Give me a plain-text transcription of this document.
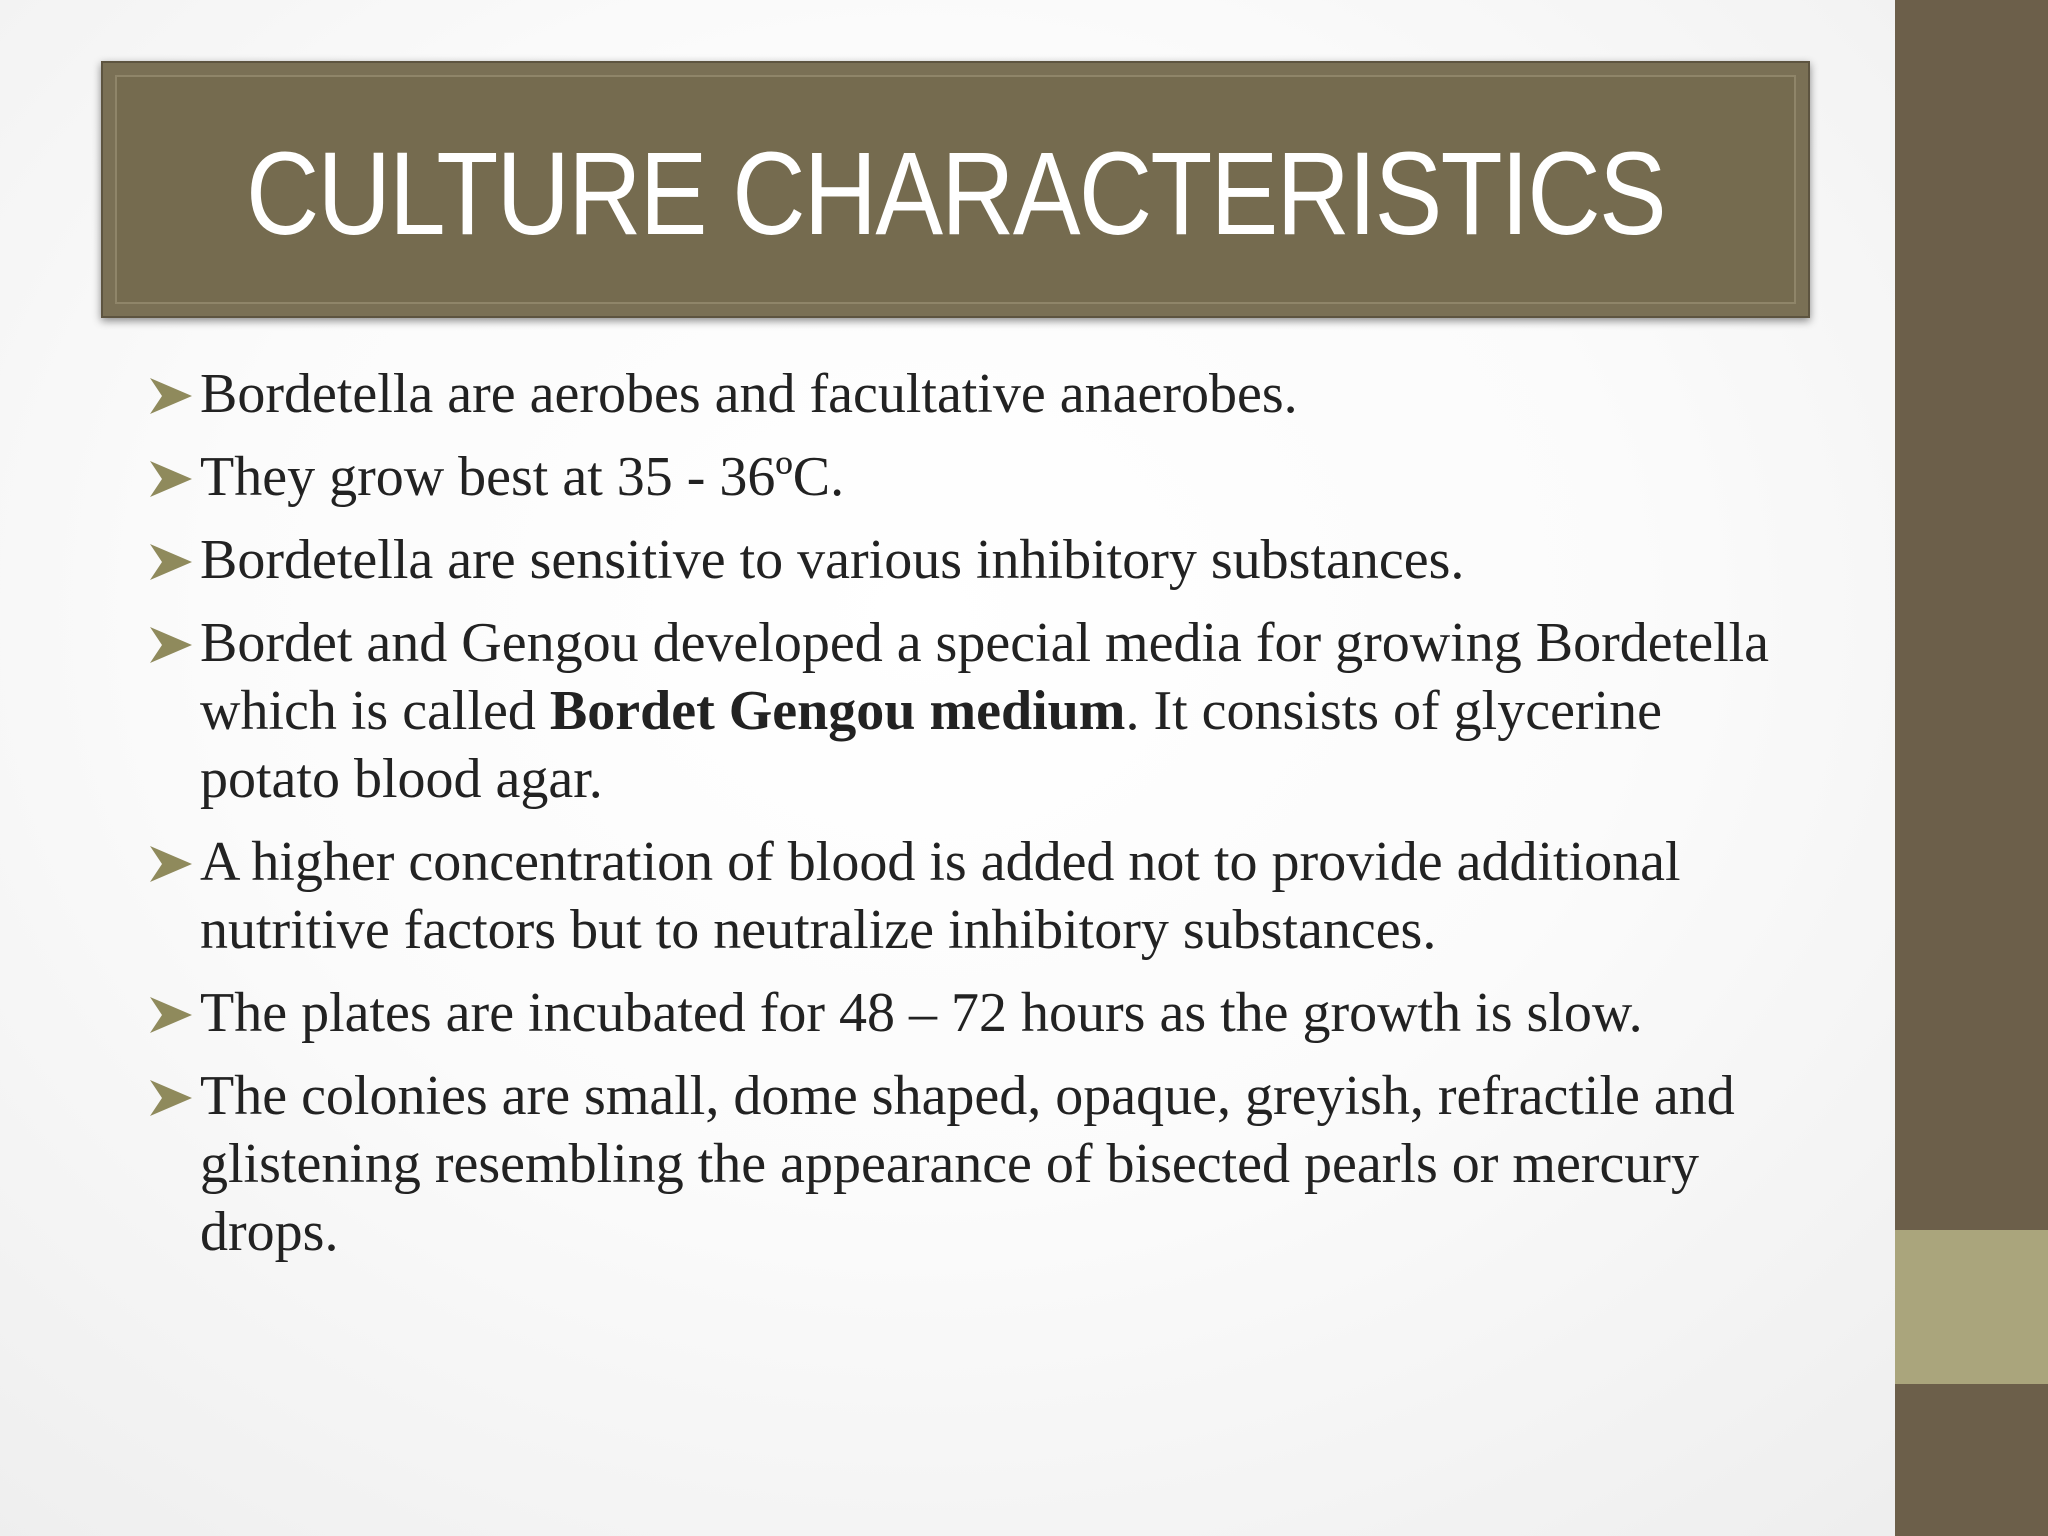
CULTURE CHARACTERISTICS
Bordetella are aerobes and facultative anaerobes.
They grow best at 35 - 36ºC.
Bordetella are sensitive to various inhibitory substances.
Bordet and Gengou developed a special media for growing Bordetella which is called Bordet Gengou medium. It consists of glycerine potato blood agar.
A higher concentration of blood is added not to provide additional nutritive factors but to neutralize inhibitory substances.
The plates are incubated for 48 – 72 hours as the growth is slow.
The colonies are small, dome shaped, opaque, greyish, refractile and glistening resembling the appearance of bisected pearls or mercury drops.
